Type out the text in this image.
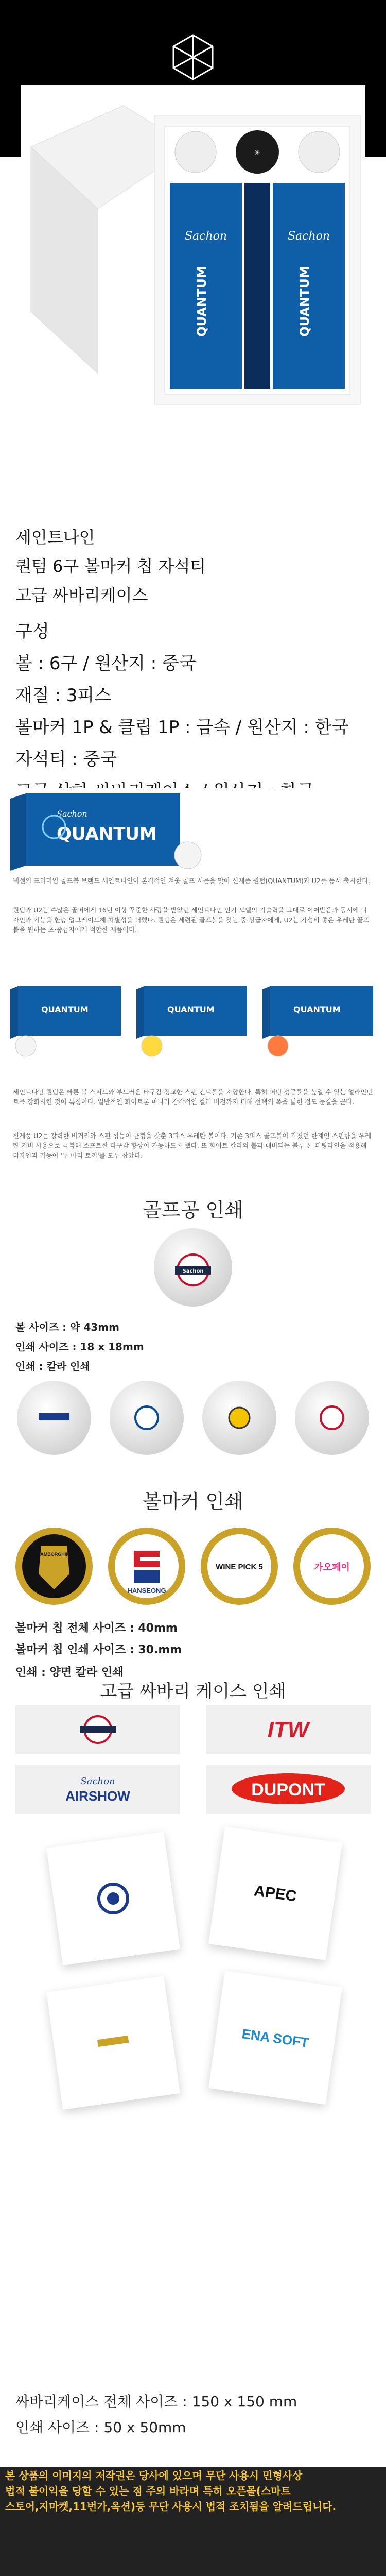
✳
Sachon	Sachon
QUANTUM	QUANTUM
세인트나인
퀀텀 6구 볼마커 칩 자석티
고급 싸바리케이스
구성
볼 : 6구 / 원산지 : 중국
재질 : 3피스
볼마커 1P & 클립 1P : 금속 / 원산지 : 한국
자석티 : 중국
Sachon
QUANTUM
넥센의 프리미엄 골프볼 브랜드 세인트나인이 본격적인 겨울 골프 시즌을 맞아 신제품 퀀텀(QUANTUM)과 U2를 동시 출시한다.
퀀텀과 U2는 수많은 골퍼에게 16년 이상 꾸준한 사랑을 받았던 세인트나인 인기 모델의 기술력을 그대로 이어받음과 동시에 디자인과 기능을 한층 업그레이드해 차별성을 더했다. 퀀텀은 세련된 골프볼을 찾는 중·상급자에게, U2는 가성비 좋은 우레탄 골프볼을 원하는 초·중급자에게 적합한 제품이다.
QUANTUM	QUANTUM	QUANTUM
세인트나인 퀀텀은 빠른 볼 스피드와 부드러운 타구감·정교한 스핀 컨트롤을 지향한다. 특히 퍼팅 성공률을 높일 수 있는 얼라인먼트를 강화시킨 것이 특징이다. 일반적인 화이트론 마나라 감각적인 컬러 버전까지 더해 선택의 폭을 넓힌 점도 눈길을 끈다.
신제품 U2는 강력한 비거리와 스핀 성능이 균형을 갖춘 3피스 우레탄 볼이다. 기존 3피스 골프볼이 가졌던 한계인 스핀량을 우레탄 커버 사용으로 극복해 소프트한 타구감 향상이 가능하도록 했다. 또 화이트 칼라의 볼과 대비되는 블루 톤 퍼팅라인을 적용해 디자인과 기능이 '두 마리 토끼'를 모두 잡았다.
골프공 인쇄
Sachon
볼 사이즈 : 약 43mm
인쇄 사이즈 : 18 x 18mm
인쇄 : 칼라 인쇄
볼마커 인쇄
LAMBORGHINI
HANSEONG
WINE PICK 5	가오페이
볼마커 칩 전체 사이즈 : 40mm
볼마커 칩 인쇄 사이즈 : 30.mm
인쇄 : 양면 칼라 인쇄
고급 싸바리 케이스 인쇄
ITW
Sachon
AIRSHOW	DUPONT
APEC
ENA SOFT
싸바리케이스 전체 사이즈 : 150 x 150 mm
인쇄 사이즈 : 50 x 50mm
본 상품의 이미지의 저작권은 당사에 있으며 무단 사용시 민형사상
법적 불이익을 당할 수 있는 점 주의 바라며 특히 오픈몰(스마트
스토어,지마켓,11번가,옥션)등 무단 사용시 법적 조치됨을 알려드립니다.
